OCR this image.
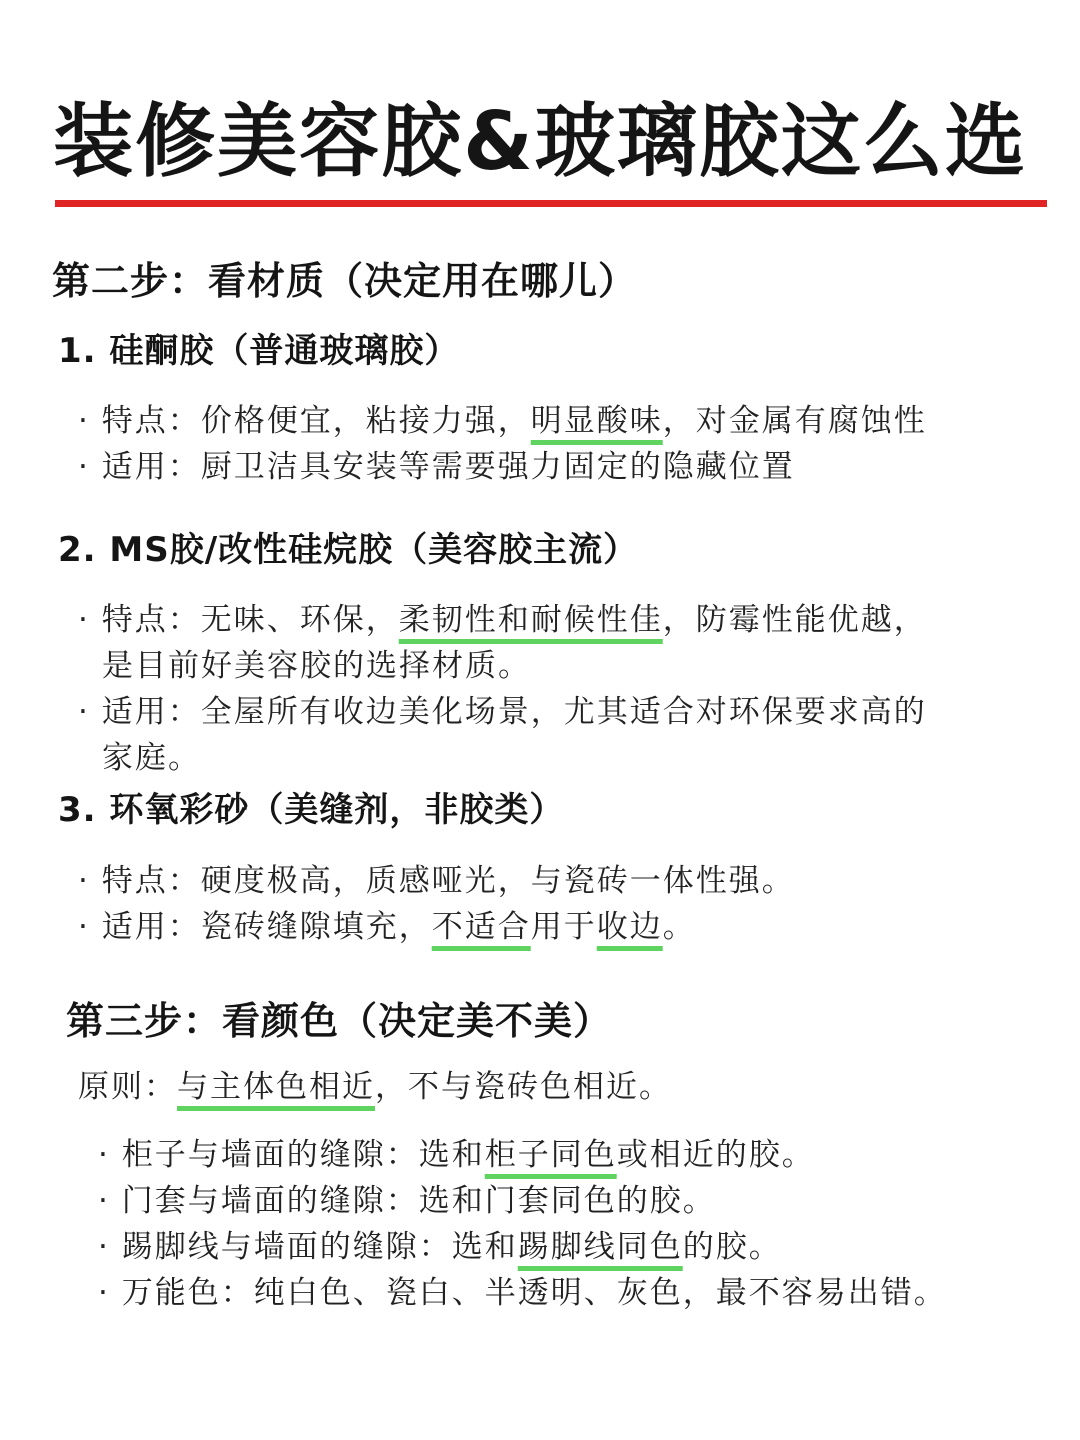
装修美容胶&玻璃胶这么选
第二步：看材质（决定用在哪儿）
1. 硅酮胶（普通玻璃胶）
· 特点：价格便宜，粘接力强，明显酸味，对金属有腐蚀性
· 适用：厨卫洁具安装等需要强力固定的隐藏位置
2. MS胶/改性硅烷胶（美容胶主流）
· 特点：无味、环保，柔韧性和耐候性佳，防霉性能优越，
是目前好美容胶的选择材质。
· 适用：全屋所有收边美化场景，尤其适合对环保要求高的
家庭。
3. 环氧彩砂（美缝剂，非胶类）
· 特点：硬度极高，质感哑光，与瓷砖一体性强。
· 适用：瓷砖缝隙填充，不适合用于收边。
第三步：看颜色（决定美不美）
原则：与主体色相近，不与瓷砖色相近。
· 柜子与墙面的缝隙：选和柜子同色或相近的胶。
· 门套与墙面的缝隙：选和门套同色的胶。
· 踢脚线与墙面的缝隙：选和踢脚线同色的胶。
· 万能色：纯白色、瓷白、半透明、灰色，最不容易出错。
